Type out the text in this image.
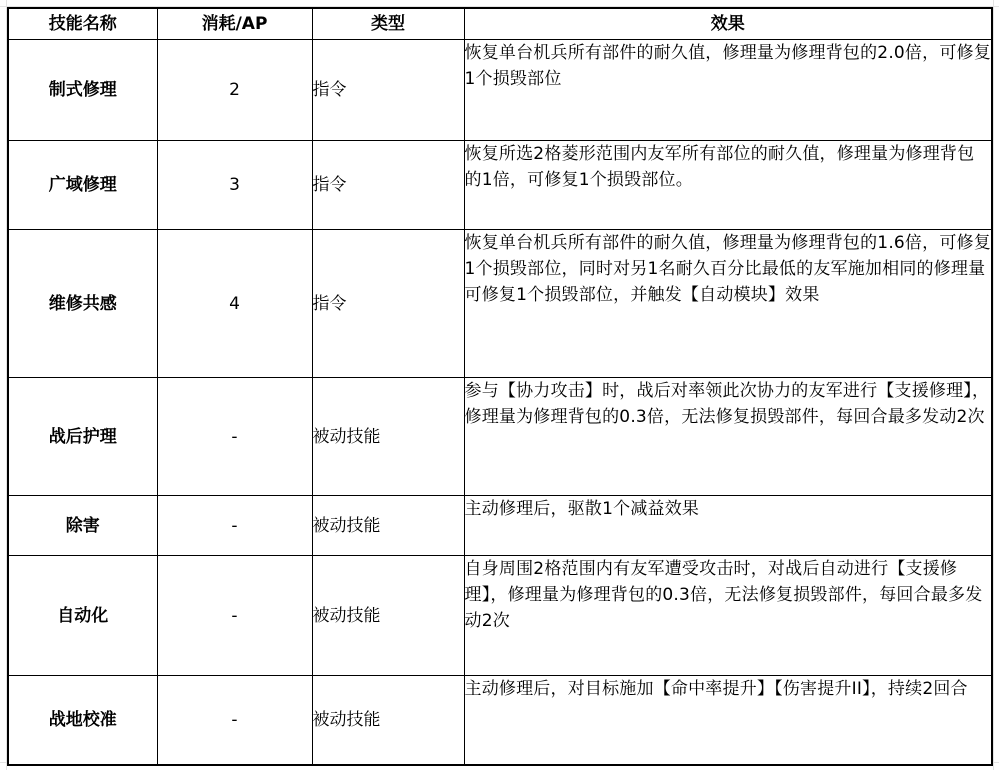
技能名称	消耗/AP	类型	效果
制式修理	2	指令	恢复单台机兵所有部件的耐久值，修理量为修理背包的2.0倍，可修复1个损毁部位
广域修理	3	指令	恢复所选2格菱形范围内友军所有部位的耐久值，修理量为修理背包的1倍，可修复1个损毁部位。
维修共感	4	指令	恢复单台机兵所有部件的耐久值，修理量为修理背包的1.6倍，可修复1个损毁部位，同时对另1名耐久百分比最低的友军施加相同的修理量可修复1个损毁部位，并触发【自动模块】效果
战后护理	-	被动技能	参与【协力攻击】时，战后对率领此次协力的友军进行【支援修理】，修理量为修理背包的0.3倍，无法修复损毁部件，每回合最多发动2次
除害	-	被动技能	主动修理后，驱散1个减益效果
自动化	-	被动技能	自身周围2格范围内有友军遭受攻击时，对战后自动进行【支援修理】，修理量为修理背包的0.3倍，无法修复损毁部件，每回合最多发动2次
战地校准	-	被动技能	主动修理后，对目标施加【命中率提升】【伤害提升II】，持续2回合
